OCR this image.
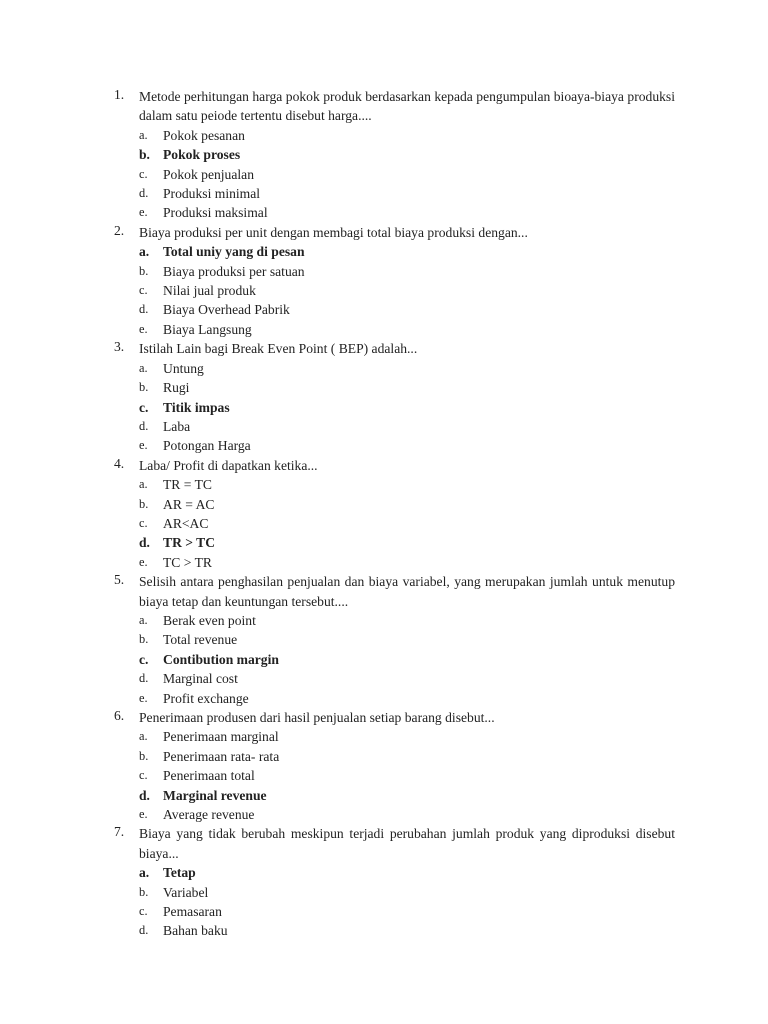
1. Metode perhitungan harga pokok produk berdasarkan kepada pengumpulan bioaya-biaya produksi dalam satu peiode tertentu disebut harga....
a. Pokok pesanan
b. Pokok proses
c. Pokok penjualan
d. Produksi minimal
e. Produksi maksimal
2. Biaya produksi per unit dengan membagi total biaya produksi dengan...
a. Total uniy yang di pesan
b. Biaya produksi per satuan
c. Nilai jual produk
d. Biaya Overhead Pabrik
e. Biaya Langsung
3. Istilah Lain bagi Break Even Point ( BEP) adalah...
a. Untung
b. Rugi
c. Titik impas
d. Laba
e. Potongan Harga
4. Laba/ Profit di dapatkan ketika...
a. TR = TC
b. AR = AC
c. AR<AC
d. TR > TC
e. TC > TR
5. Selisih antara penghasilan penjualan dan biaya variabel, yang merupakan jumlah untuk menutup biaya tetap dan keuntungan tersebut....
a. Berak even point
b. Total revenue
c. Contibution margin
d. Marginal cost
e. Profit exchange
6. Penerimaan produsen dari hasil penjualan setiap barang disebut...
a. Penerimaan marginal
b. Penerimaan rata- rata
c. Penerimaan total
d. Marginal revenue
e. Average revenue
7. Biaya yang tidak berubah meskipun terjadi perubahan jumlah produk yang diproduksi disebut biaya...
a. Tetap
b. Variabel
c. Pemasaran
d. Bahan baku
